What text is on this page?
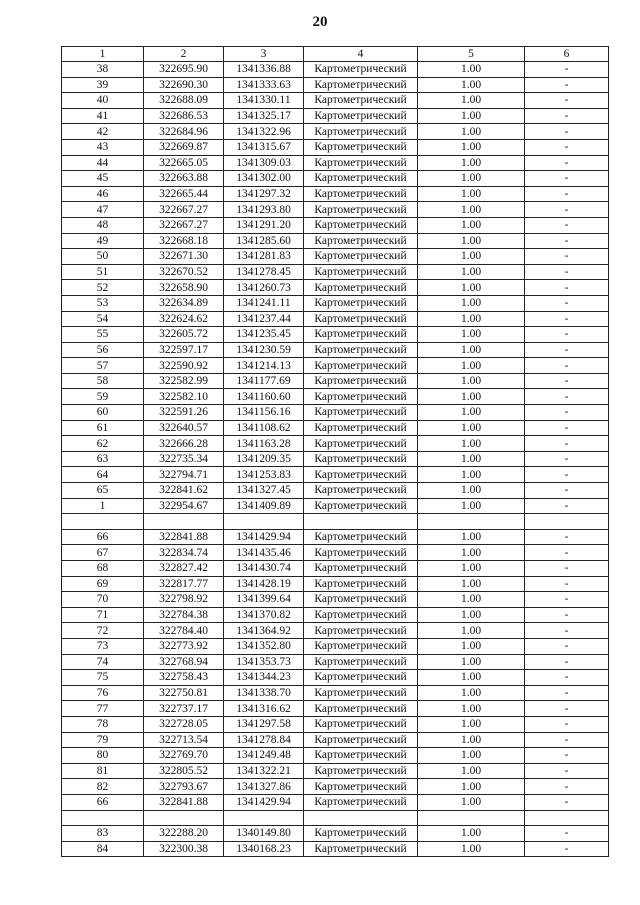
20
1	2	3	4	5	6
38	322695.90	1341336.88	Картометрический	1.00	-
39	322690.30	1341333.63	Картометрический	1.00	-
40	322688.09	1341330.11	Картометрический	1.00	-
41	322686.53	1341325.17	Картометрический	1.00	-
42	322684.96	1341322.96	Картометрический	1.00	-
43	322669.87	1341315.67	Картометрический	1.00	-
44	322665.05	1341309.03	Картометрический	1.00	-
45	322663.88	1341302.00	Картометрический	1.00	-
46	322665.44	1341297.32	Картометрический	1.00	-
47	322667.27	1341293.80	Картометрический	1.00	-
48	322667.27	1341291.20	Картометрический	1.00	-
49	322668.18	1341285.60	Картометрический	1.00	-
50	322671.30	1341281.83	Картометрический	1.00	-
51	322670.52	1341278.45	Картометрический	1.00	-
52	322658.90	1341260.73	Картометрический	1.00	-
53	322634.89	1341241.11	Картометрический	1.00	-
54	322624.62	1341237.44	Картометрический	1.00	-
55	322605.72	1341235.45	Картометрический	1.00	-
56	322597.17	1341230.59	Картометрический	1.00	-
57	322590.92	1341214.13	Картометрический	1.00	-
58	322582.99	1341177.69	Картометрический	1.00	-
59	322582.10	1341160.60	Картометрический	1.00	-
60	322591.26	1341156.16	Картометрический	1.00	-
61	322640.57	1341108.62	Картометрический	1.00	-
62	322666.28	1341163.28	Картометрический	1.00	-
63	322735.34	1341209.35	Картометрический	1.00	-
64	322794.71	1341253.83	Картометрический	1.00	-
65	322841.62	1341327.45	Картометрический	1.00	-
1	322954.67	1341409.89	Картометрический	1.00	-

66	322841.88	1341429.94	Картометрический	1.00	-
67	322834.74	1341435.46	Картометрический	1.00	-
68	322827.42	1341430.74	Картометрический	1.00	-
69	322817.77	1341428.19	Картометрический	1.00	-
70	322798.92	1341399.64	Картометрический	1.00	-
71	322784.38	1341370.82	Картометрический	1.00	-
72	322784.40	1341364.92	Картометрический	1.00	-
73	322773.92	1341352.80	Картометрический	1.00	-
74	322768.94	1341353.73	Картометрический	1.00	-
75	322758.43	1341344.23	Картометрический	1.00	-
76	322750.81	1341338.70	Картометрический	1.00	-
77	322737.17	1341316.62	Картометрический	1.00	-
78	322728.05	1341297.58	Картометрический	1.00	-
79	322713.54	1341278.84	Картометрический	1.00	-
80	322769.70	1341249.48	Картометрический	1.00	-
81	322805.52	1341322.21	Картометрический	1.00	-
82	322793.67	1341327.86	Картометрический	1.00	-
66	322841.88	1341429.94	Картометрический	1.00	-

83	322288.20	1340149.80	Картометрический	1.00	-
84	322300.38	1340168.23	Картометрический	1.00	-
